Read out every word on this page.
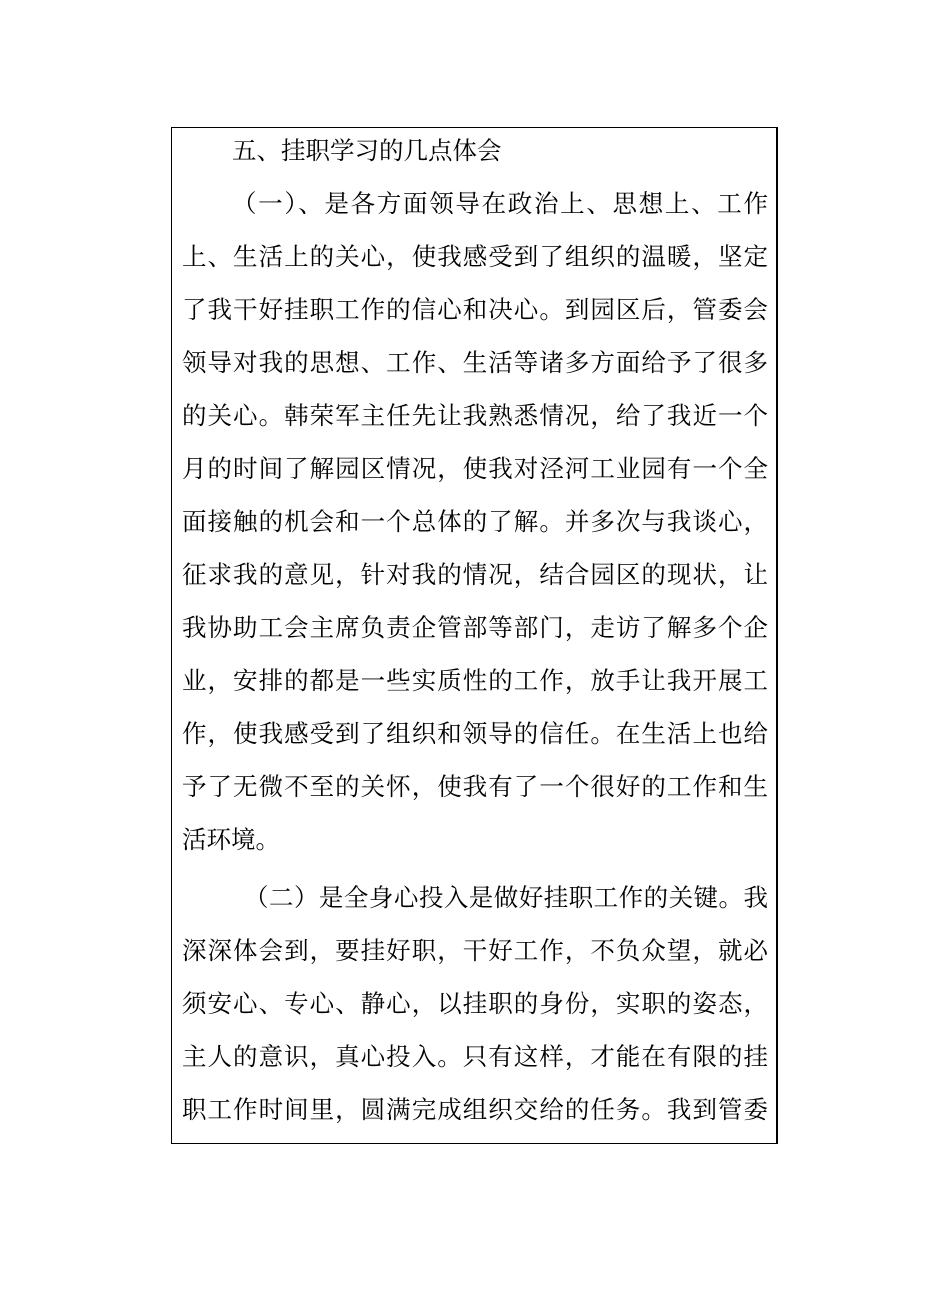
五、挂职学习的几点体会

（一）、是各方面领导在政治上、思想上、工作

上、生活上的关心，使我感受到了组织的温暖，坚定

了我干好挂职工作的信心和决心。到园区后，管委会

领导对我的思想、工作、生活等诸多方面给予了很多

的关心。韩荣军主任先让我熟悉情况，给了我近一个

月的时间了解园区情况，使我对泾河工业园有一个全

面接触的机会和一个总体的了解。并多次与我谈心，

征求我的意见，针对我的情况，结合园区的现状，让

我协助工会主席负责企管部等部门，走访了解多个企

业，安排的都是一些实质性的工作，放手让我开展工

作，使我感受到了组织和领导的信任。在生活上也给

予了无微不至的关怀，使我有了一个很好的工作和生

活环境。

（二）是全身心投入是做好挂职工作的关键。我

深深体会到，要挂好职，干好工作，不负众望，就必

须安心、专心、静心，以挂职的身份，实职的姿态，

主人的意识，真心投入。只有这样，才能在有限的挂

职工作时间里，圆满完成组织交给的任务。我到管委
